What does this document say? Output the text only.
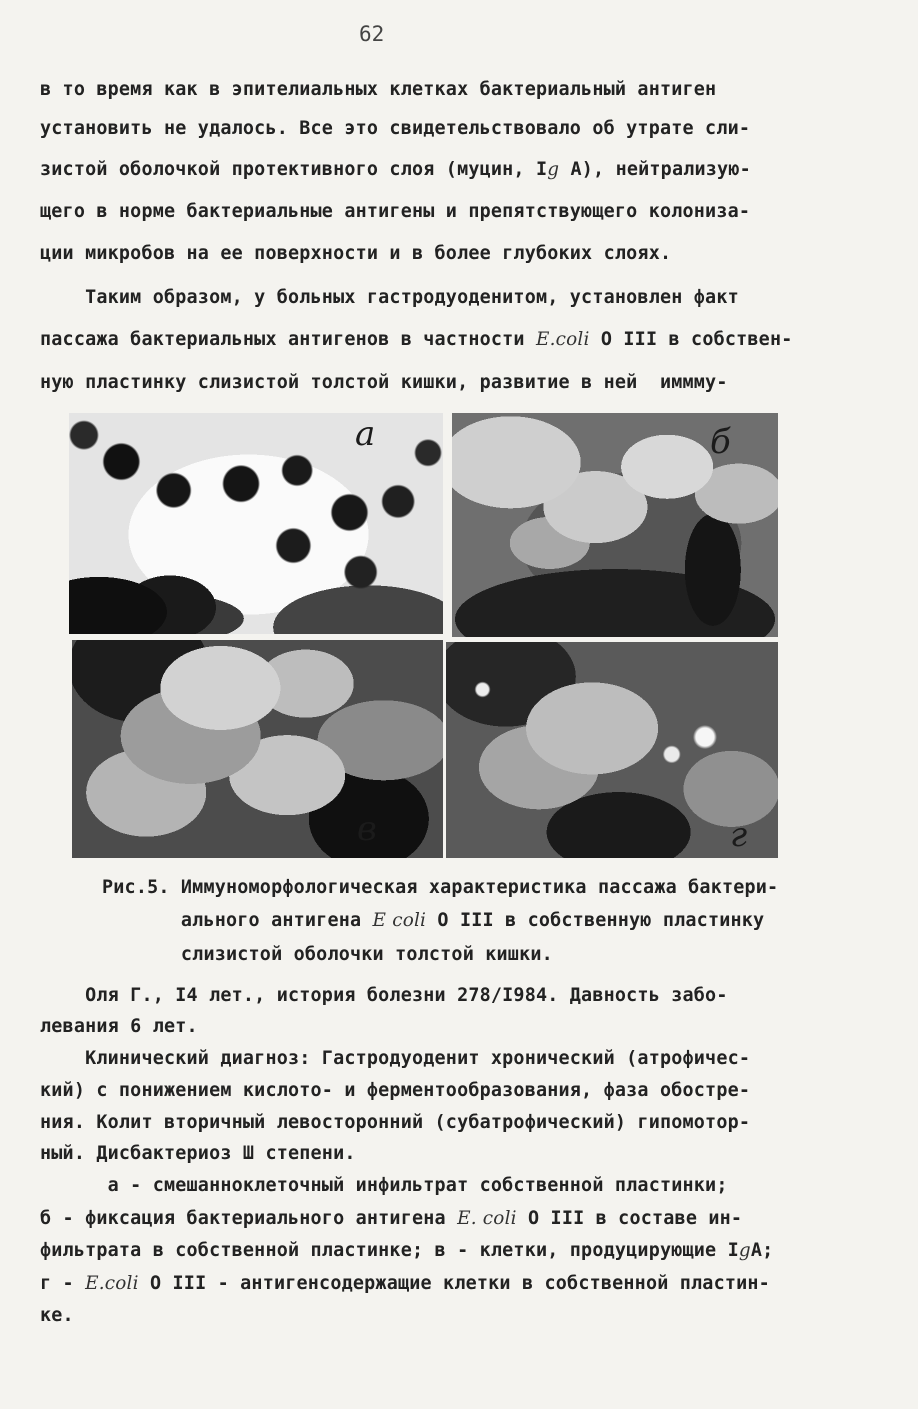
62
в то время как в эпителиальных клетках бактериальный антиген
установить не удалось. Все это свидетельствовало об утрате сли-
зистой оболочкой протективного слоя (муцин, Ig A), нейтрализую-
щего в норме бактериальные антигены и препятствующего колониза-
ции микробов на ее поверхности и в более глубоких слоях.
Таким образом, у больных гастродуоденитом, установлен факт
пассажа бактериальных антигенов в частности E.coli О III в собствен-
ную пластинку слизистой толстой кишки, развитие в ней  иммму-
a	б
в	г
Рис.5. Иммуноморфологическая характеристика пассажа бактери-
ального антигена E coli О III в собственную пластинку
слизистой оболочки толстой кишки.
Оля Г., I4 лет., история болезни 278/I984. Давность забо-
левания 6 лет.
Клинический диагноз: Гастродуоденит хронический (атрофичес-
кий) с понижением кислото- и ферментообразования, фаза обостре-
ния. Колит вторичный левосторонний (субатрофический) гипомотор-
ный. Дисбактериоз Ш степени.
а - смешанноклеточный инфильтрат собственной пластинки;
б - фиксация бактериального антигена E. coli О III в составе ин-
фильтрата в собственной пластинке; в - клетки, продуцирующие IgA;
г - E.coli О III - антигенсодержащие клетки в собственной пластин-
ке.
